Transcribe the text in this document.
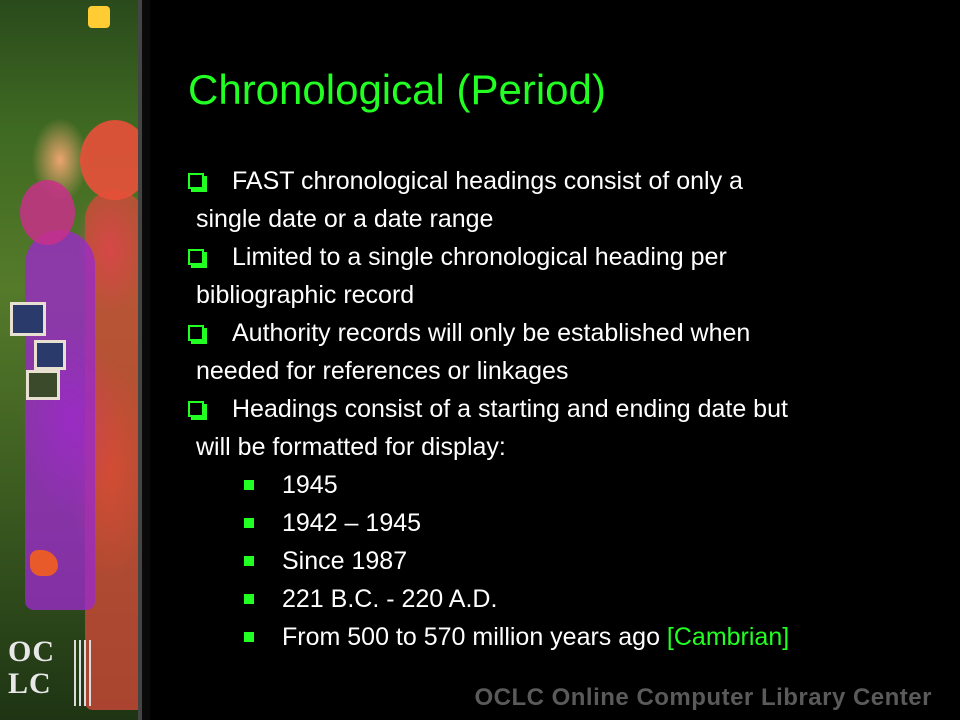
OC
LC
Chronological (Period)
FAST chronological headings consist of only a
single date or a date range
Limited to a single chronological heading per
bibliographic record
Authority records will only be established when
needed for references or linkages
Headings consist of a starting and ending date but
will be formatted for display:
1945
1942 – 1945
Since 1987
221 B.C. - 220 A.D.
From 500 to 570 million years ago [Cambrian]
OCLC Online Computer Library Center
